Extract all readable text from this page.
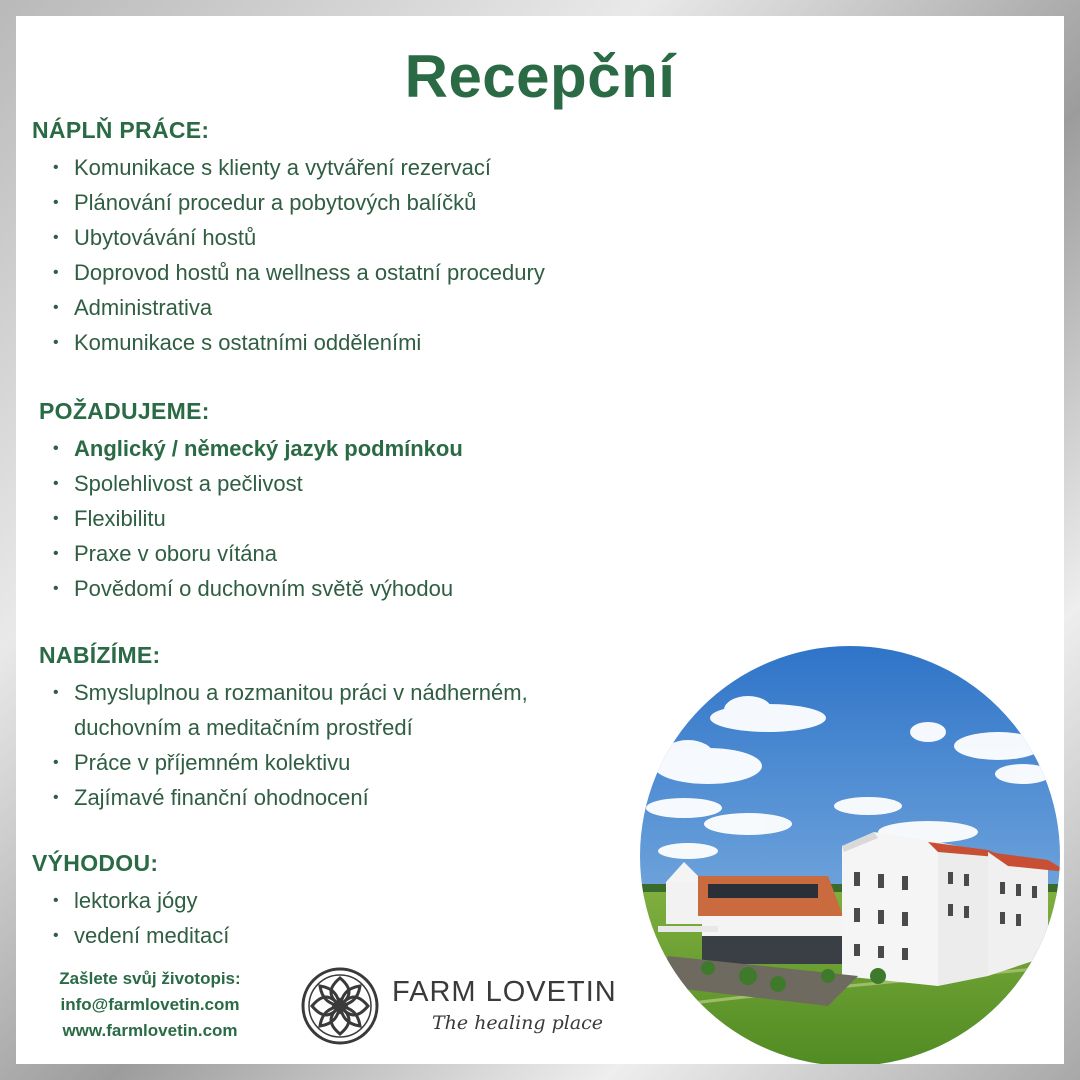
Recepční
NÁPLŇ PRÁCE:
• Komunikace s klienty a vytváření rezervací
• Plánování procedur a pobytových balíčků
• Ubytovávání hostů
• Doprovod hostů na wellness a ostatní procedury
• Administrativa
• Komunikace s ostatními odděleními
POŽADUJEME:
• Anglický / německý jazyk podmínkou
• Spolehlivost a pečlivost
• Flexibilitu
• Praxe v oboru vítána
• Povědomí o duchovním světě výhodou
NABÍZÍME:
• Smysluplnou a rozmanitou práci v nádherném,
duchovním a meditačním prostředí
• Práce v příjemném kolektivu
• Zajímavé finanční ohodnocení
VÝHODOU:
• lektorka jógy
• vedení meditací
Zašlete svůj životopis:
info@farmlovetin.com
www.farmlovetin.com
FARM LOVETIN
The healing place
